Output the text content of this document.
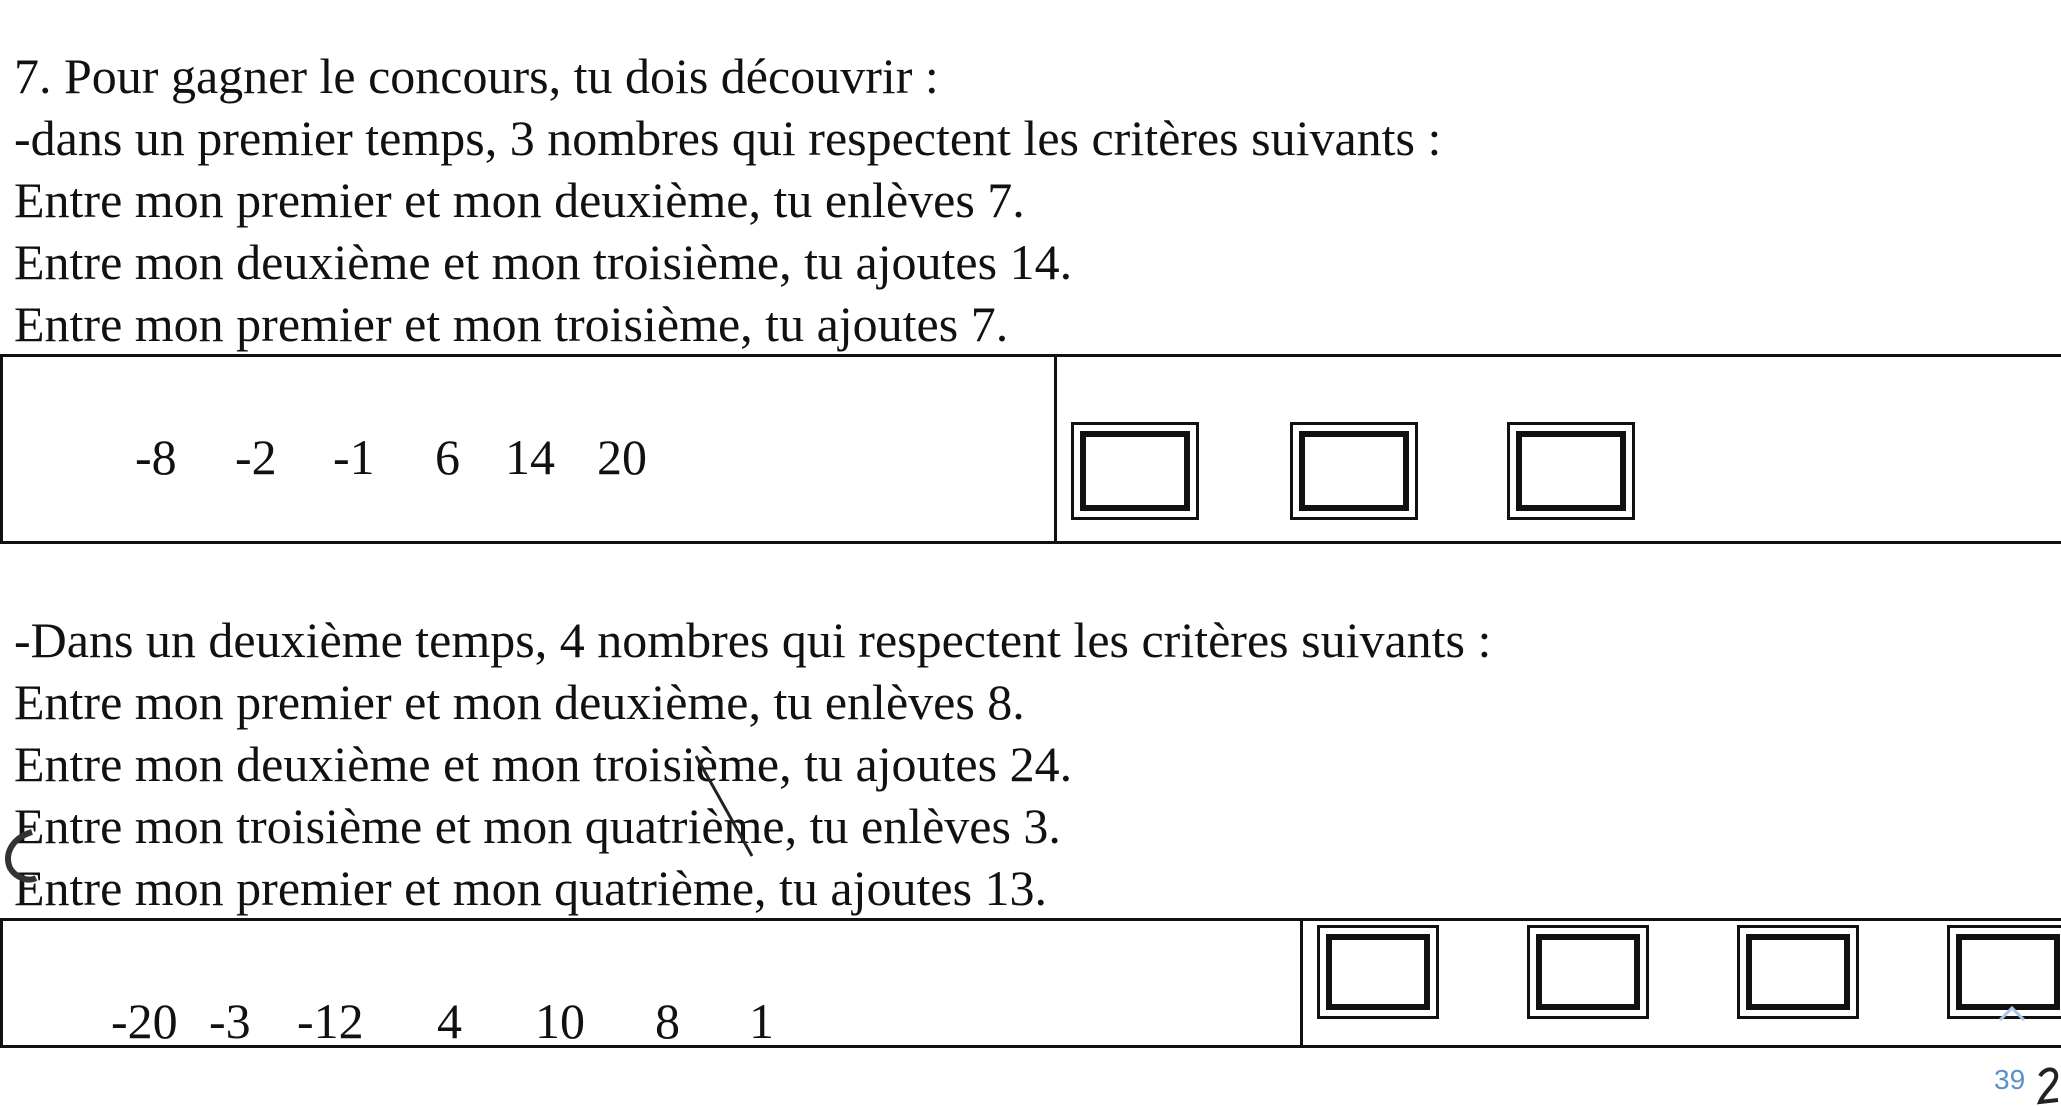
7. Pour gagner le concours, tu dois découvrir :
-dans un premier temps, 3 nombres qui respectent les critères suivants :
Entre mon premier et mon deuxième, tu enlèves 7.
Entre mon deuxième et mon troisième, tu ajoutes 14.
Entre mon premier et mon troisième, tu ajoutes 7.
-8 -2 -1 6 14 20
-Dans un deuxième temps, 4 nombres qui respectent les critères suivants :
Entre mon premier et mon deuxième, tu enlèves 8.
Entre mon deuxième et mon troisième, tu ajoutes 24.
Entre mon troisième et mon quatrième, tu enlèves 3.
Entre mon premier et mon quatrième, tu ajoutes 13.
-20 -3 -12 4 10 8 1
39
